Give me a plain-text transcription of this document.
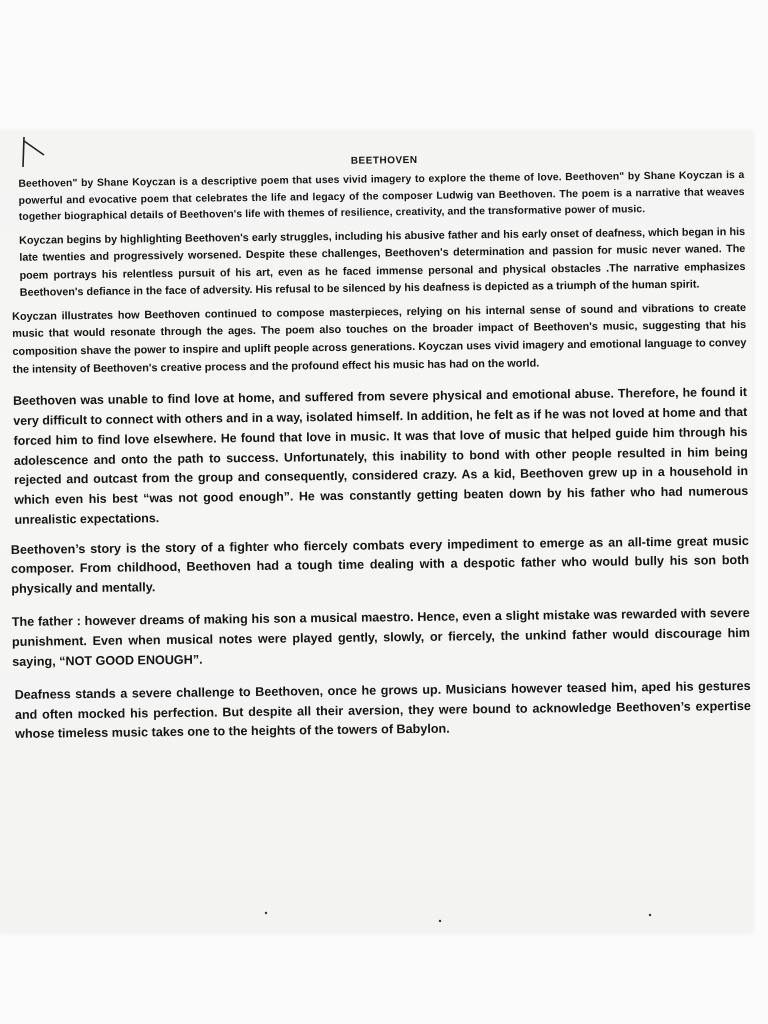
BEETHOVEN

Beethoven" by Shane Koyczan is a descriptive poem that uses vivid imagery to explore the theme of love. Beethoven" by Shane Koyczan is a powerful and evocative poem that celebrates the life and legacy of the composer Ludwig van Beethoven. The poem is a narrative that weaves together biographical details of Beethoven's life with themes of resilience, creativity, and the transformative power of music.

Koyczan begins by highlighting Beethoven's early struggles, including his abusive father and his early onset of deafness, which began in his late twenties and progressively worsened. Despite these challenges, Beethoven's determination and passion for music never waned. The poem portrays his relentless pursuit of his art, even as he faced immense personal and physical obstacles .The narrative emphasizes Beethoven's defiance in the face of adversity. His refusal to be silenced by his deafness is depicted as a triumph of the human spirit.

Koyczan illustrates how Beethoven continued to compose masterpieces, relying on his internal sense of sound and vibrations to create music that would resonate through the ages. The poem also touches on the broader impact of Beethoven's music, suggesting that his composition shave the power to inspire and uplift people across generations. Koyczan uses vivid imagery and emotional language to convey the intensity of Beethoven's creative process and the profound effect his music has had on the world.

Beethoven was unable to find love at home, and suffered from severe physical and emotional abuse. Therefore, he found it very difficult to connect with others and in a way, isolated himself. In addition, he felt as if he was not loved at home and that forced him to find love elsewhere. He found that love in music. It was that love of music that helped guide him through his adolescence and onto the path to success. Unfortunately, this inability to bond with other people resulted in him being rejected and outcast from the group and consequently, considered crazy. As a kid, Beethoven grew up in a household in which even his best “was not good enough”. He was constantly getting beaten down by his father who had numerous unrealistic expectations.

Beethoven’s story is the story of a fighter who fiercely combats every impediment to emerge as an all-time great music composer. From childhood, Beethoven had a tough time dealing with a despotic father who would bully his son both physically and mentally.

The father : however dreams of making his son a musical maestro. Hence, even a slight mistake was rewarded with severe punishment. Even when musical notes were played gently, slowly, or fiercely, the unkind father would discourage him saying, “NOT GOOD ENOUGH”.

Deafness stands a severe challenge to Beethoven, once he grows up. Musicians however teased him, aped his gestures and often mocked his perfection. But despite all their aversion, they were bound to acknowledge Beethoven’s expertise whose timeless music takes one to the heights of the towers of Babylon.
